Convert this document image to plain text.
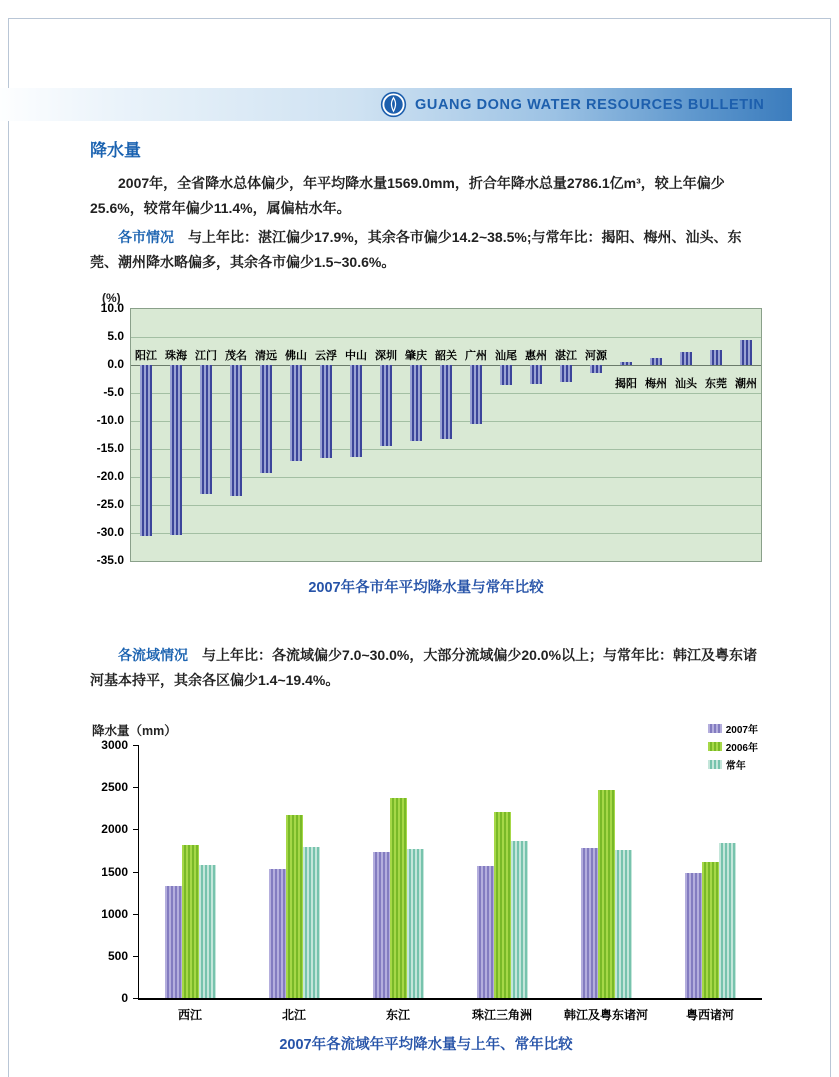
GUANG DONG WATER RESOURCES BULLETIN
降水量

2007年，全省降水总体偏少，年平均降水量1569.0mm，折合年降水总量2786.1亿m³，较上年偏少25.6%，较常年偏少11.4%，属偏枯水年。

各市情况 与上年比：湛江偏少17.9%，其余各市偏少14.2~38.5%;与常年比：揭阳、梅州、汕头、东莞、潮州降水略偏多，其余各市偏少1.5~30.6%。

(%)
10.0
5.0
0.0
-5.0
-10.0
-15.0
-20.0
-25.0
-30.0
-35.0
阳江 珠海 江门 茂名 清远 佛山 云浮 中山 深圳 肇庆 韶关 广州 汕尾 惠州 湛江 河源
揭阳 梅州 汕头 东莞 潮州
2007年各市年平均降水量与常年比较

各流域情况 与上年比：各流域偏少7.0~30.0%，大部分流域偏少20.0%以上；与常年比：韩江及粤东诸河基本持平，其余各区偏少1.4~19.4%。

降水量（mm）	2007年
2006年
常年
3000
2500
2000
1500
1000
500
0
西江	北江	东江	珠江三角洲	韩江及粤东诸河	粤西诸河
2007年各流域年平均降水量与上年、常年比较
